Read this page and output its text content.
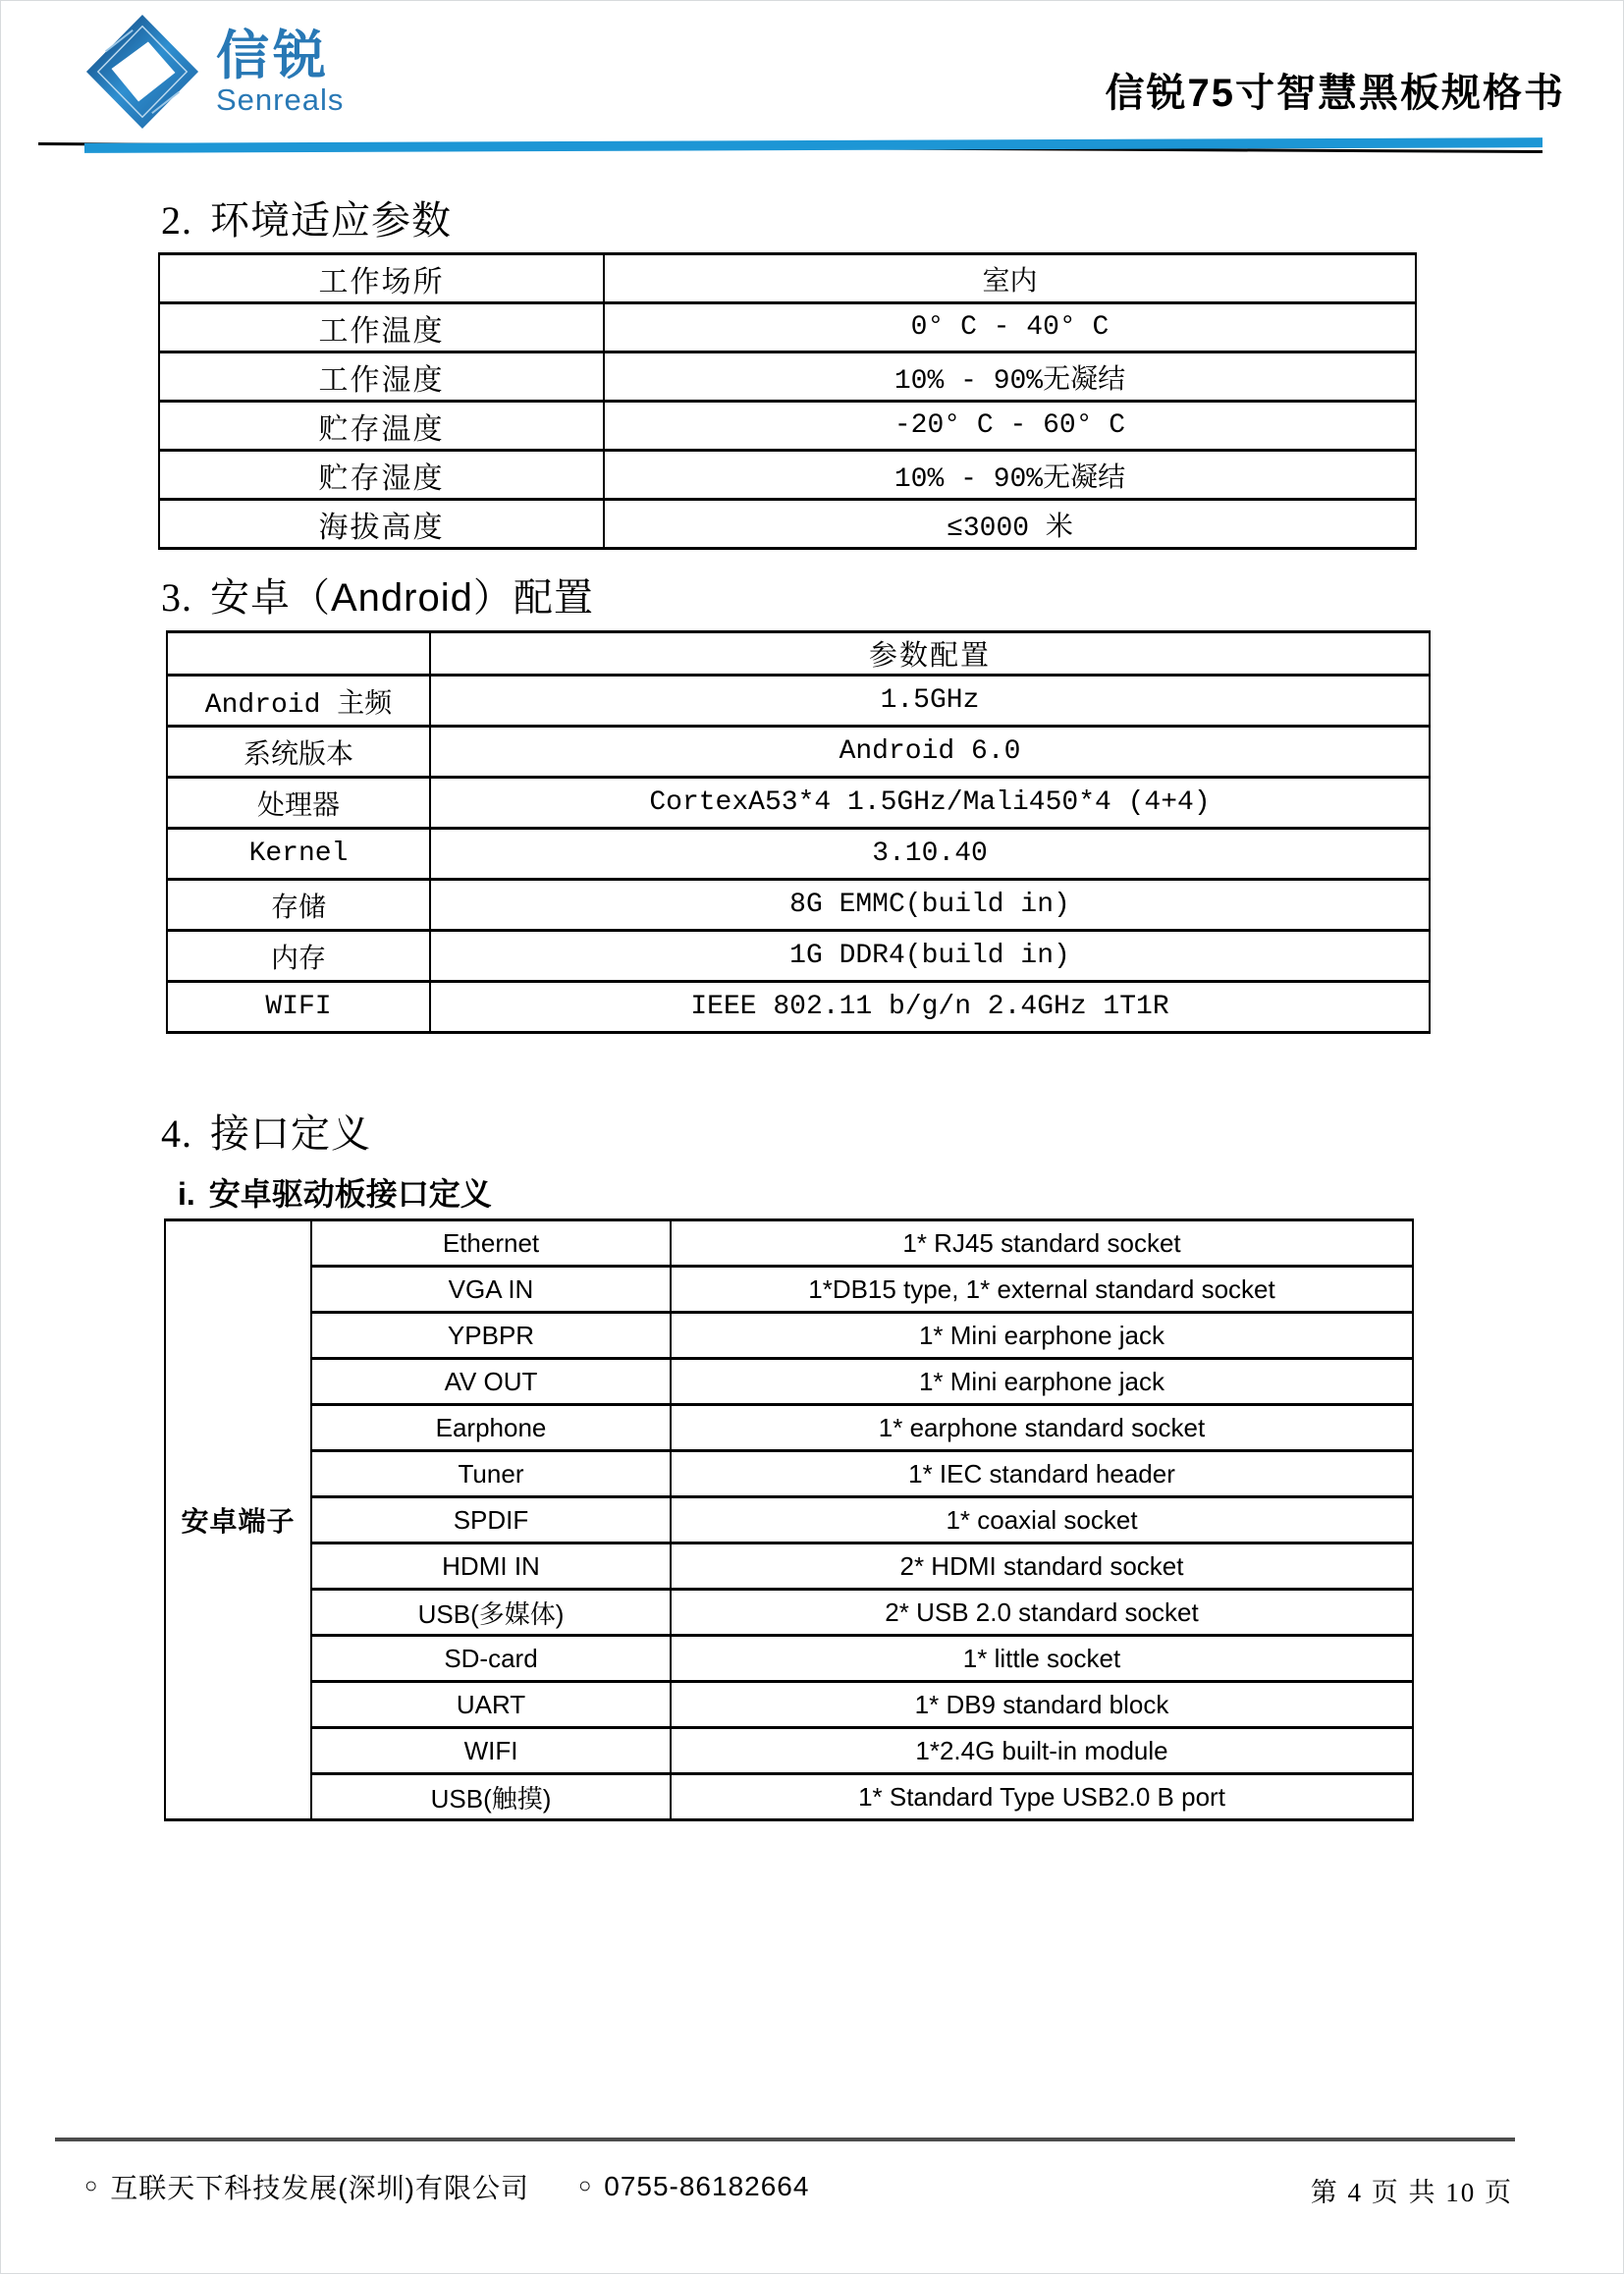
信锐
Senreals	信锐75寸智慧黑板规格书
2. 环境适应参数
工作场所	室内
工作温度	0° C - 40° C
工作湿度	10% - 90%无凝结
贮存温度	-20° C - 60° C
贮存湿度	10% - 90%无凝结
海拔高度	≤3000 米
3. 安卓（Android）配置
	参数配置
Android 主频	1.5GHz
系统版本	Android 6.0
处理器	CortexA53*4 1.5GHz/Mali450*4 (4+4)
Kernel	3.10.40
存储	8G EMMC(build in)
内存	1G DDR4(build in)
WIFI	IEEE 802.11 b/g/n 2.4GHz 1T1R
4. 接口定义
i. 安卓驱动板接口定义
安卓端子	Ethernet	1* RJ45 standard socket
	VGA IN	1*DB15 type, 1* external standard socket
	YPBPR	1* Mini earphone jack
	AV OUT	1* Mini earphone jack
	Earphone	1* earphone standard socket
	Tuner	1* IEC standard header
	SPDIF	1* coaxial socket
	HDMI IN	2* HDMI standard socket
	USB(多媒体)	2* USB 2.0 standard socket
	SD-card	1* little socket
	UART	1* DB9 standard block
	WIFI	1*2.4G built-in module
	USB(触摸)	1* Standard Type USB2.0 B port
○ 互联天下科技发展(深圳)有限公司 ○ 0755-86182664	第 4 页 共 10 页
